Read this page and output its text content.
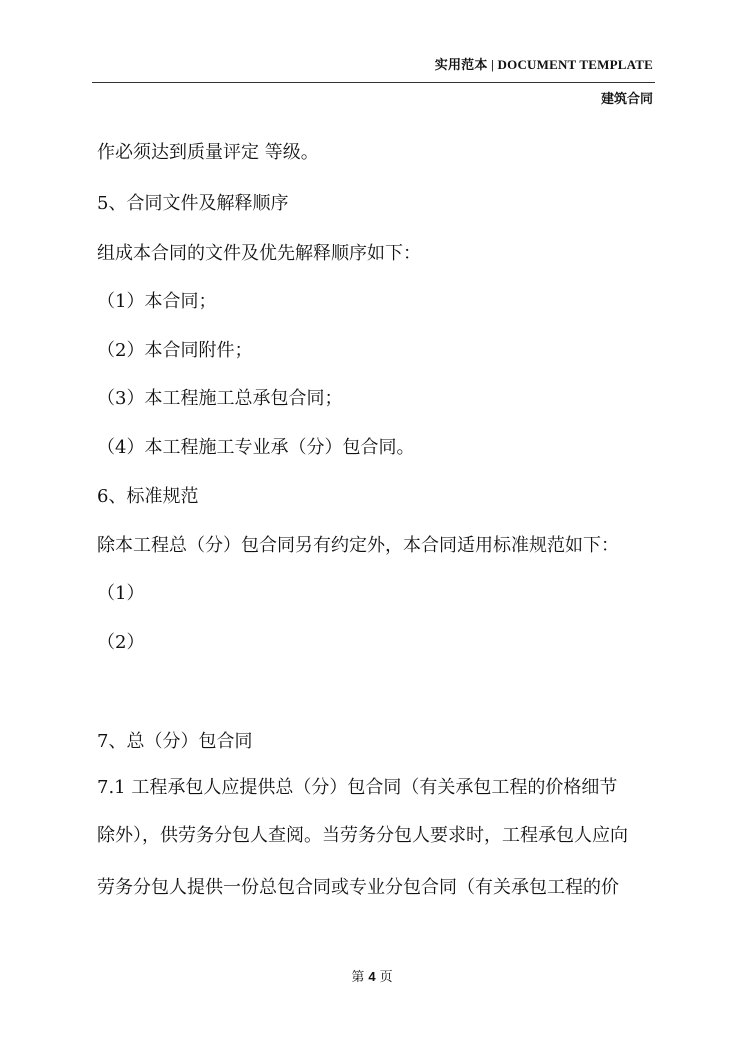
实用范本 | DOCUMENT TEMPLATE
建筑合同
作必须达到质量评定 等级。
5、合同文件及解释顺序
组成本合同的文件及优先解释顺序如下：
（1）本合同；
（2）本合同附件；
（3）本工程施工总承包合同；
（4）本工程施工专业承（分）包合同。
6、标准规范
除本工程总（分）包合同另有约定外，本合同适用标准规范如下：
（1）
（2）
7、总（分）包合同
7.1 工程承包人应提供总（分）包合同（有关承包工程的价格细节
除外），供劳务分包人查阅。当劳务分包人要求时，工程承包人应向
劳务分包人提供一份总包合同或专业分包合同（有关承包工程的价
第 4 页
